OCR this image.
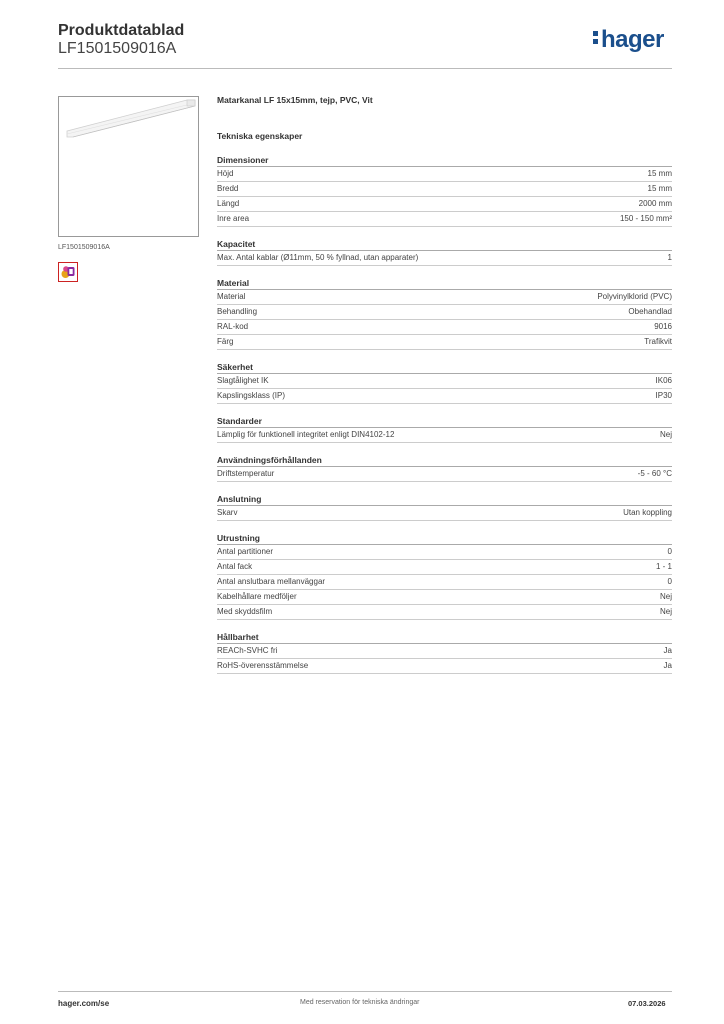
Produktdatablad
LF1501509016A	hager
LF1501509016A
Matarkanal LF 15x15mm, tejp, PVC, Vit
Tekniska egenskaper
Dimensioner
Höjd	15 mm
Bredd	15 mm
Längd	2000 mm
Inre area	150 - 150 mm²
Kapacitet
Max. Antal kablar (Ø11mm, 50 % fyllnad, utan apparater)	1
Material
Material	Polyvinylklorid (PVC)
Behandling	Obehandlad
RAL-kod	9016
Färg	Trafikvit
Säkerhet
Slagtålighet IK	IK06
Kapslingsklass (IP)	IP30
Standarder
Lämplig för funktionell integritet enligt DIN4102-12	Nej
Användningsförhållanden
Driftstemperatur	-5 - 60 °C
Anslutning
Skarv	Utan koppling
Utrustning
Antal partitioner	0
Antal fack	1 - 1
Antal anslutbara mellanväggar	0
Kabelhållare medföljer	Nej
Med skyddsfilm	Nej
Hållbarhet
REACh-SVHC fri	Ja
RoHS-överensstämmelse	Ja
hager.com/se	Med reservation för tekniska ändringar	07.03.2026
